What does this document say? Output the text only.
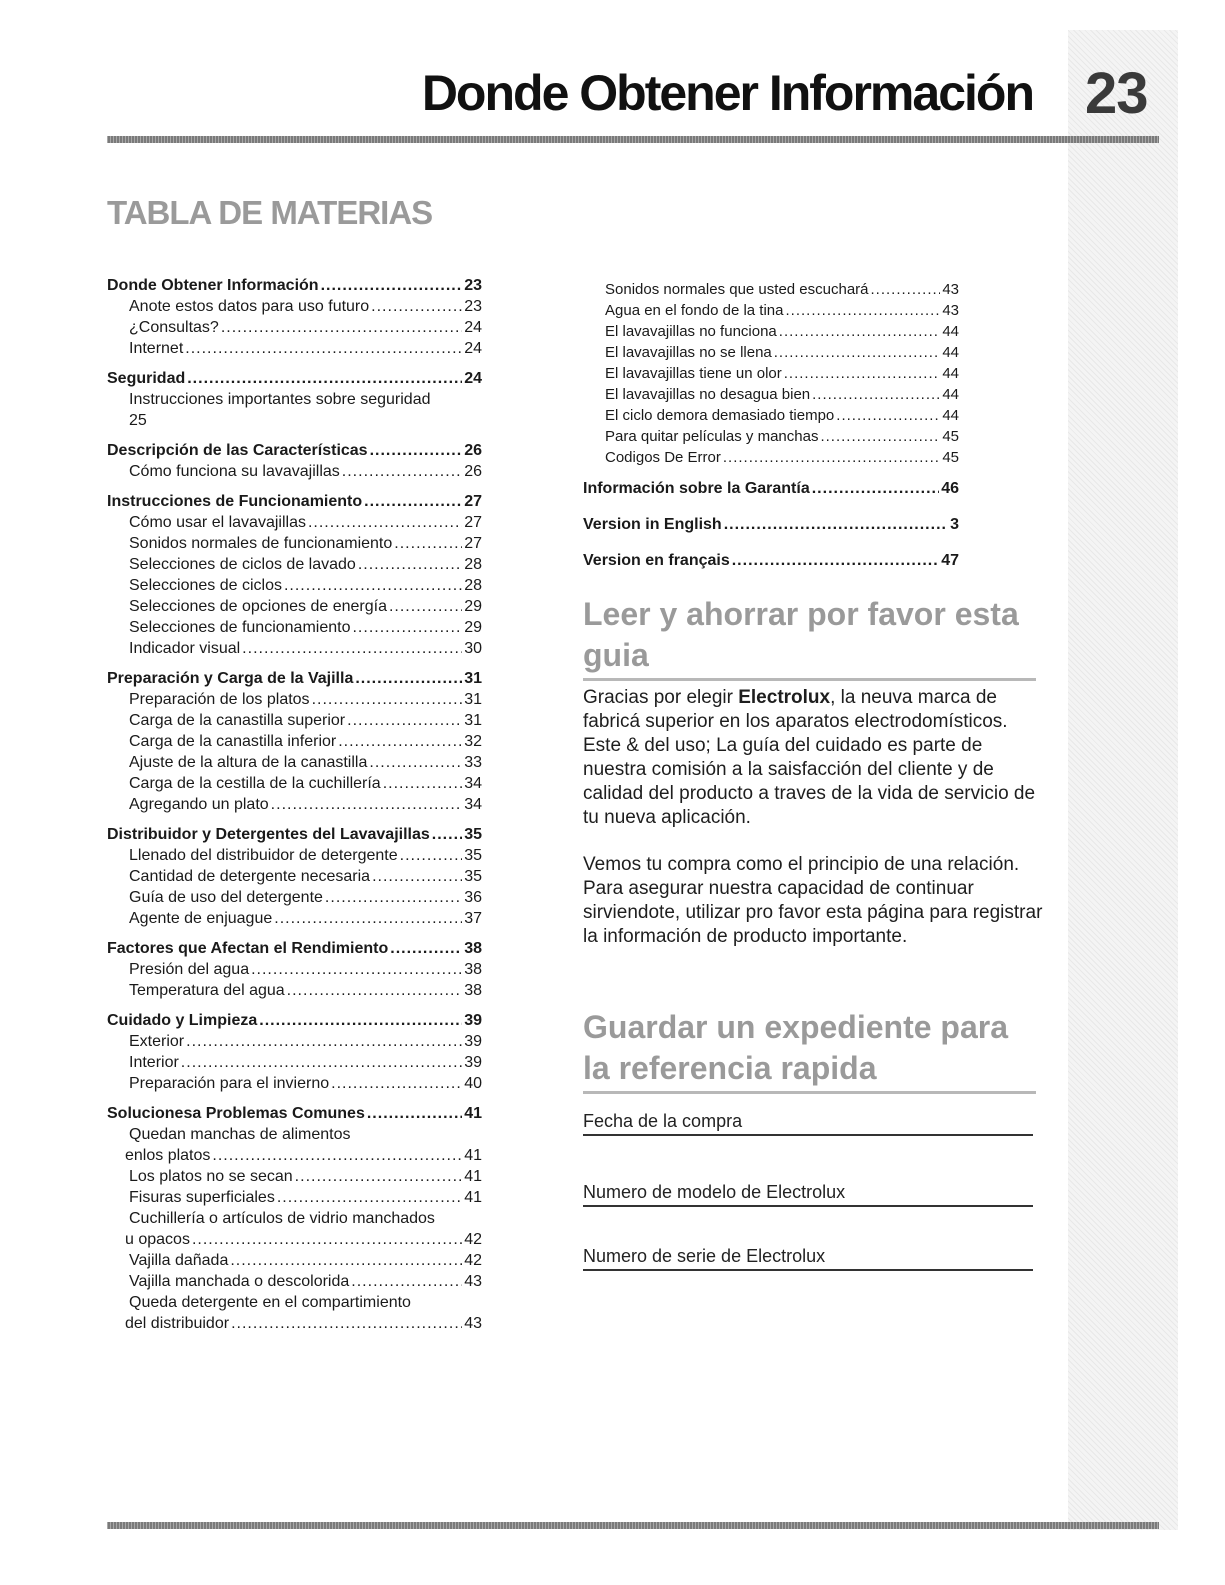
Donde Obtener Información 23
TABLA DE MATERIAS
Donde Obtener Información .....	23
Anote estos datos para uso futuro .....	23
¿Consultas? .....	24
Internet .....	24
Seguridad .....	24
Instrucciones importantes sobre seguridad
25
Descripción de las Características .....	26
Cómo funciona su lavavajillas .....	26
Instrucciones de Funcionamiento .....	27
Cómo usar el lavavajillas .....	27
Sonidos normales de funcionamiento .....	27
Selecciones de ciclos de lavado .....	28
Selecciones de ciclos .....	28
Selecciones de opciones de energía .....	29
Selecciones de funcionamiento .....	29
Indicador visual .....	30
Preparación y Carga de la Vajilla .....	31
Preparación de los platos .....	31
Carga de la canastilla superior .....	31
Carga de la canastilla inferior .....	32
Ajuste de la altura de la canastilla .....	33
Carga de la cestilla de la cuchillería .....	34
Agregando un plato .....	34
Distribuidor y Detergentes del Lavavajillas ..... 35
Llenado del distribuidor de detergente .....	35
Cantidad de detergente necesaria .....	35
Guía de uso del detergente .....	36
Agente de enjuague .....	37
Factores que Afectan el Rendimiento .....	38
Presión del agua .....	38
Temperatura del agua .....	38
Cuidado y Limpieza .....	39
Exterior .....	39
Interior .....	39
Preparación para el invierno .....	40
Solucionesa Problemas Comunes .....	41
Quedan manchas de alimentos
enlos platos .....	41
Los platos no se secan .....	41
Fisuras superficiales .....	41
Cuchillería o artículos de vidrio manchados
u opacos .....	42
Vajilla dañada .....	42
Vajilla manchada o descolorida .....	43
Queda detergente en el compartimiento
del distribuidor .....	43
Sonidos normales que usted escuchará .....	43
Agua en el fondo de la tina .....	43
El lavavajillas no funciona .....	44
El lavavajillas no se llena .....	44
El lavavajillas tiene un olor .....	44
El lavavajillas no desagua bien .....	44
El ciclo demora demasiado tiempo .....	44
Para quitar películas y manchas .....	45
Codigos De Error .....	45
Información sobre la Garantía .....	46
Version in English .....	3
Version en français .....	47
Leer y ahorrar por favor esta guia
Gracias por elegir Electrolux, la neuva marca de fabricá superior en los aparatos electrodomísticos. Este & del uso; La guía del cuidado es parte de nuestra comisión a la saisfacción del cliente y de calidad del producto a traves de la vida de servicio de tu nueva aplicación.
Vemos tu compra como el principio de una relación. Para asegurar nuestra capacidad de continuar sirviendote, utilizar pro favor esta página para registrar la información de producto importante.
Guardar un expediente para la referencia rapida
Fecha de la compra
Numero de modelo de Electrolux
Numero de serie de Electrolux
